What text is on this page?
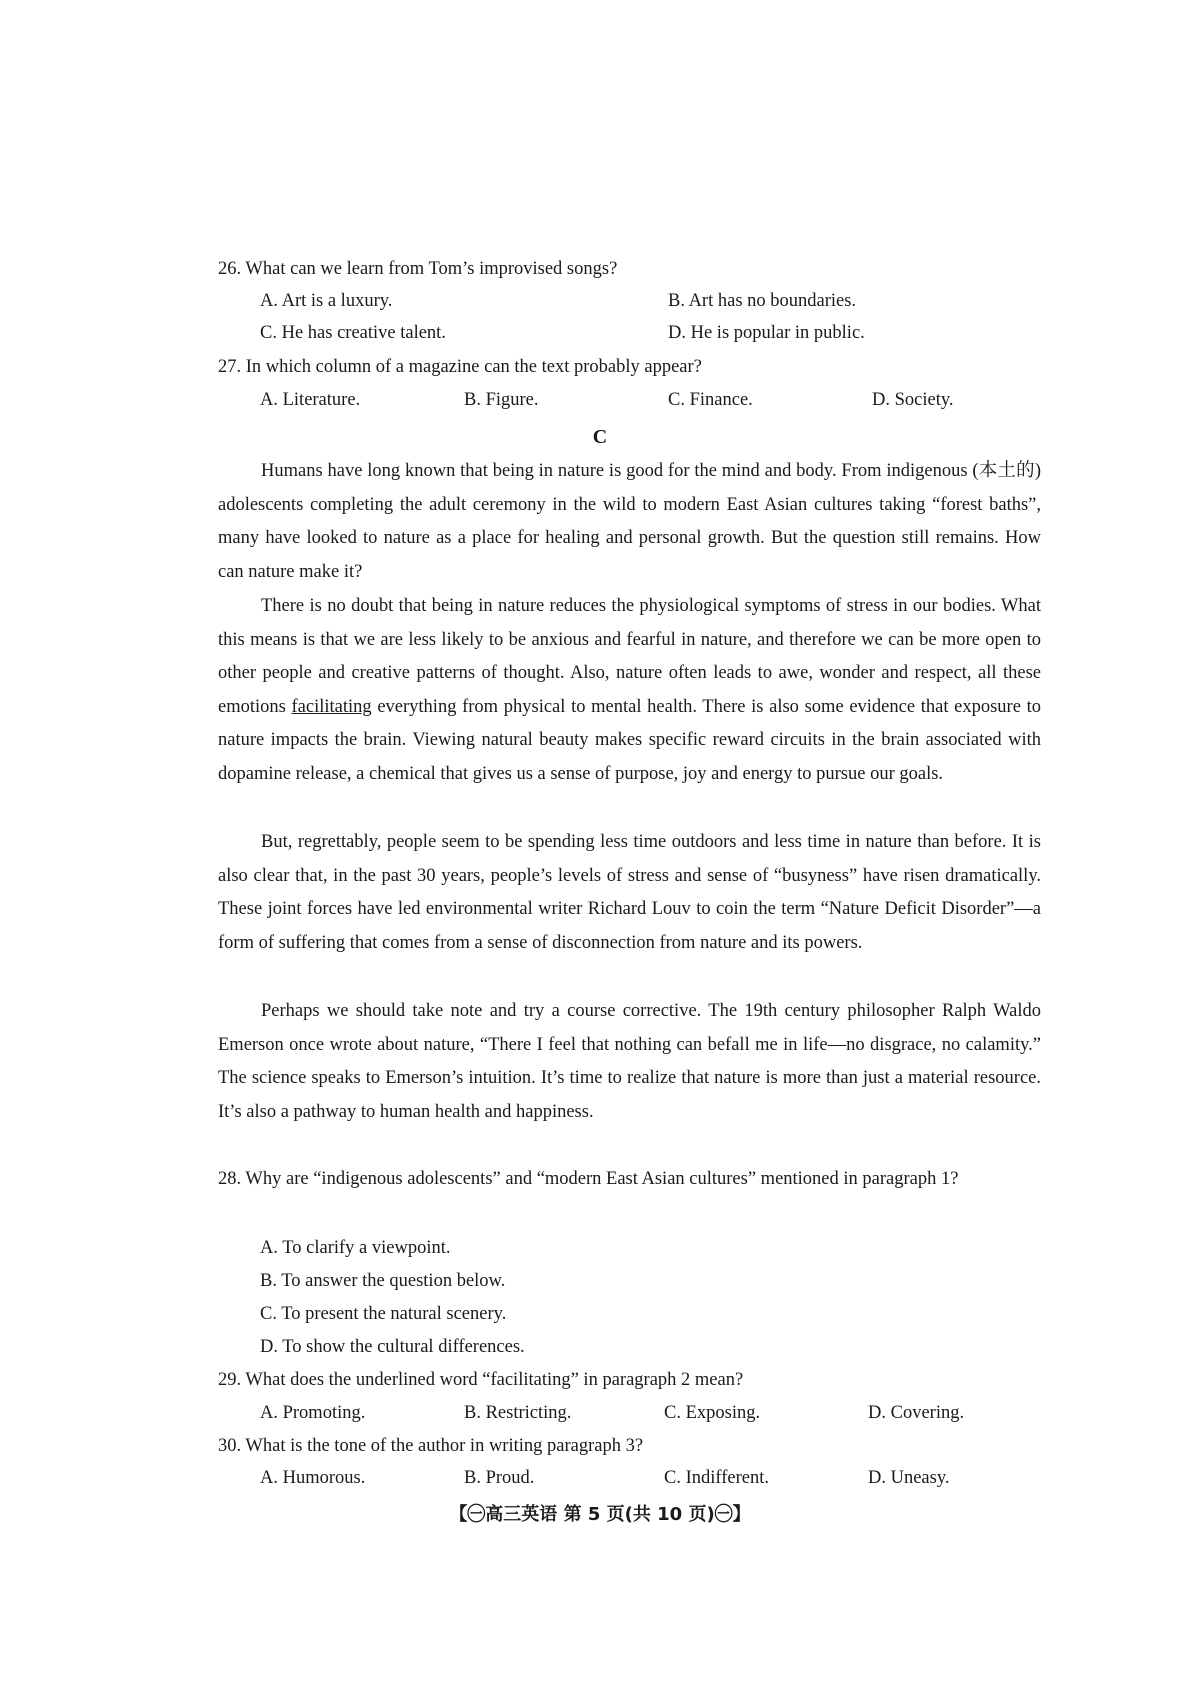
26. What can we learn from Tom’s improvised songs?
A. Art is a luxury.	B. Art has no boundaries.
C. He has creative talent.	D. He is popular in public.
27. In which column of a magazine can the text probably appear?
A. Literature.	B. Figure.	C. Finance.	D. Society.
C
Humans have long known that being in nature is good for the mind and body. From indigenous (本土的) adolescents completing the adult ceremony in the wild to modern East Asian cultures taking “forest baths”, many have looked to nature as a place for healing and personal growth. But the question still remains. How can nature make it?
There is no doubt that being in nature reduces the physiological symptoms of stress in our bodies. What this means is that we are less likely to be anxious and fearful in nature, and therefore we can be more open to other people and creative patterns of thought. Also, nature often leads to awe, wonder and respect, all these emotions facilitating everything from physical to mental health. There is also some evidence that exposure to nature impacts the brain. Viewing natural beauty makes specific reward circuits in the brain associated with dopamine release, a chemical that gives us a sense of purpose, joy and energy to pursue our goals.
But, regrettably, people seem to be spending less time outdoors and less time in nature than before. It is also clear that, in the past 30 years, people’s levels of stress and sense of “busyness” have risen dramatically. These joint forces have led environmental writer Richard Louv to coin the term “Nature Deficit Disorder”—a form of suffering that comes from a sense of disconnection from nature and its powers.
Perhaps we should take note and try a course corrective. The 19th century philosopher Ralph Waldo Emerson once wrote about nature, “There I feel that nothing can befall me in life—no disgrace, no calamity.” The science speaks to Emerson’s intuition. It’s time to realize that nature is more than just a material resource. It’s also a pathway to human health and happiness.
28. Why are “indigenous adolescents” and “modern East Asian cultures” mentioned in paragraph 1?
A. To clarify a viewpoint.
B. To answer the question below.
C. To present the natural scenery.
D. To show the cultural differences.
29. What does the underlined word “facilitating” in paragraph 2 mean?
A. Promoting.	B. Restricting.	C. Exposing.	D. Covering.
30. What is the tone of the author in writing paragraph 3?
A. Humorous.	B. Proud.	C. Indifferent.	D. Uneasy.
【㊀高三英语 第 5 页(共 10 页)㊀】
